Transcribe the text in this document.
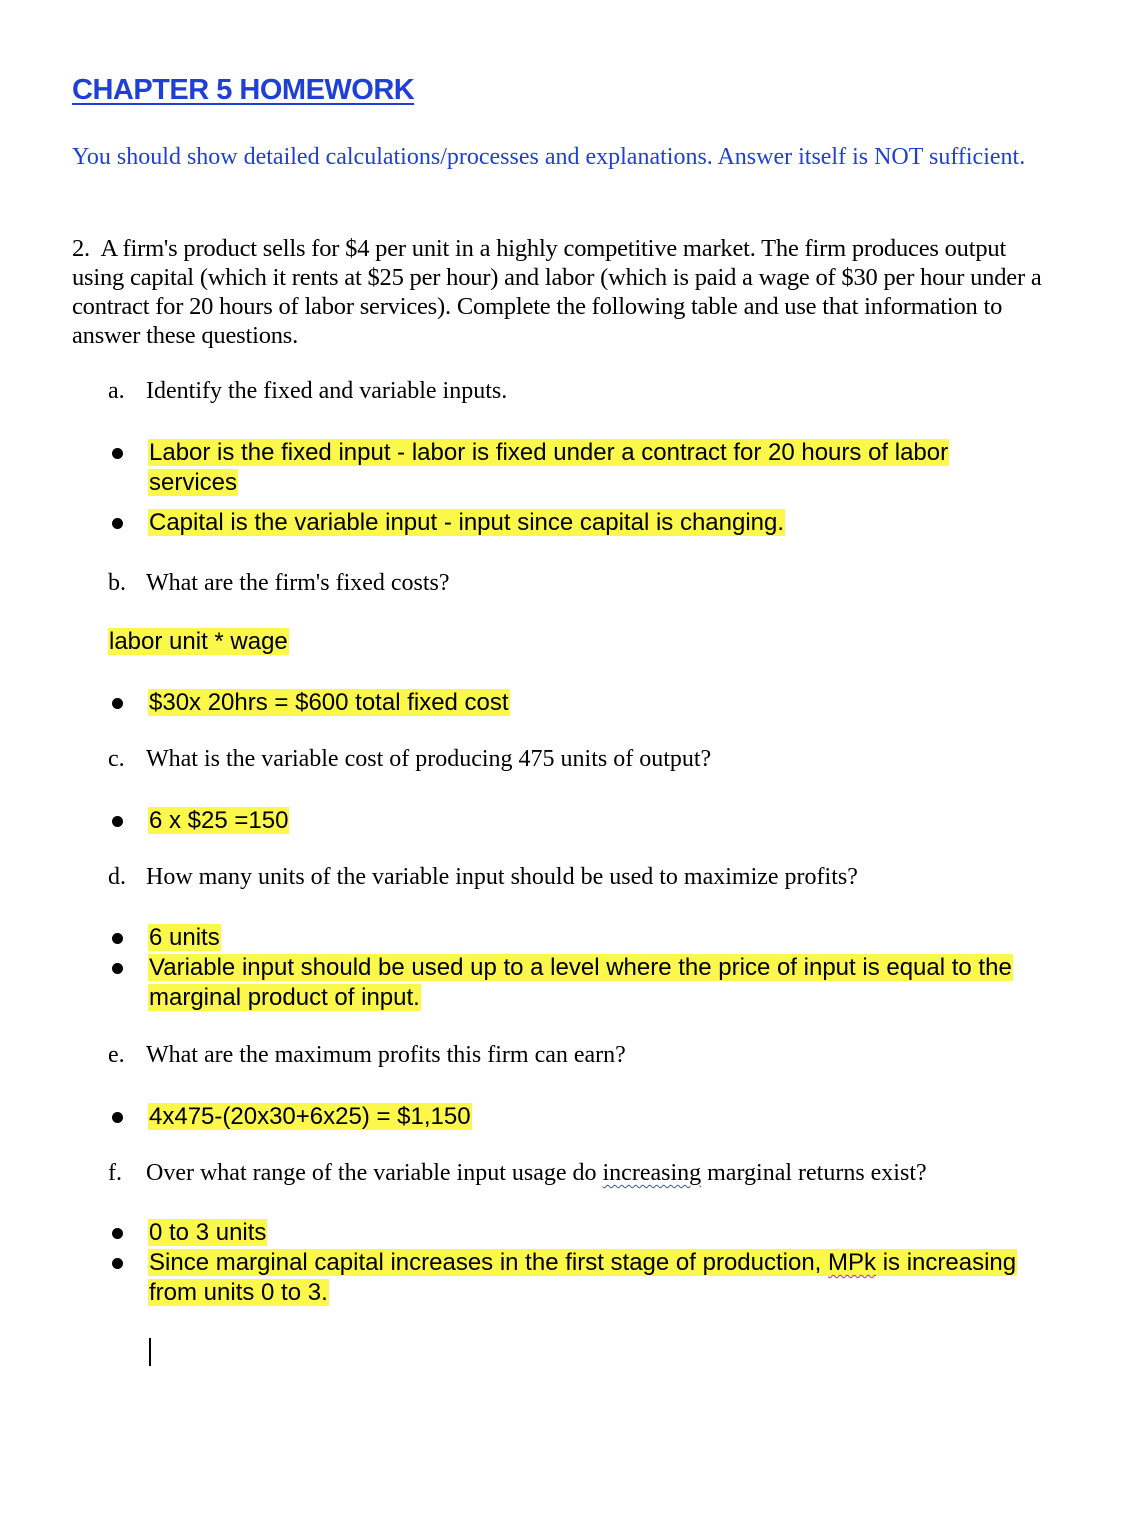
CHAPTER 5 HOMEWORK
You should show detailed calculations/processes and explanations. Answer itself is NOT sufficient.
2. A firm's product sells for $4 per unit in a highly competitive market. The firm produces output using capital (which it rents at $25 per hour) and labor (which is paid a wage of $30 per hour under a contract for 20 hours of labor services). Complete the following table and use that information to answer these questions.
a. Identify the fixed and variable inputs.
Labor is the fixed input - labor is fixed under a contract for 20 hours of labor
services
Capital is the variable input - input since capital is changing.
b. What are the firm's fixed costs?
labor unit * wage
$30x 20hrs = $600 total fixed cost
c. What is the variable cost of producing 475 units of output?
6 x $25 =150
d. How many units of the variable input should be used to maximize profits?
6 units
Variable input should be used up to a level where the price of input is equal to the
marginal product of input.
e. What are the maximum profits this firm can earn?
4x475-(20x30+6x25) = $1,150
f. Over what range of the variable input usage do increasing marginal returns exist?
0 to 3 units
Since marginal capital increases in the first stage of production, MPk is increasing
from units 0 to 3.
